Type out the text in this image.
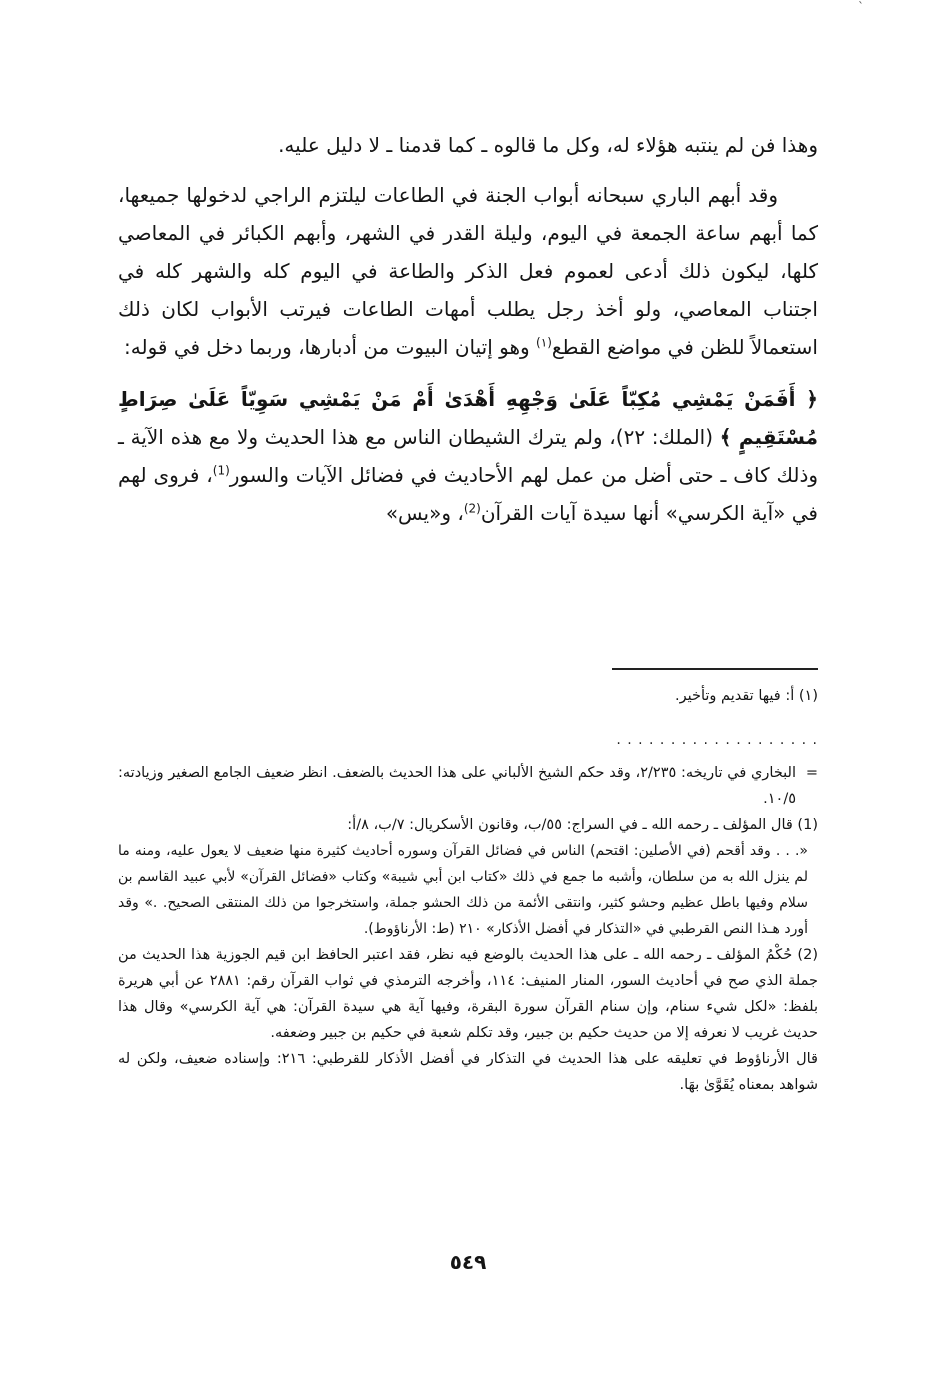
`

وهذا فن لم ينتبه هؤلاء له، وكل ما قالوه ـ كما قدمنا ـ لا دليل عليه.

وقد أبهم الباري سبحانه أبواب الجنة في الطاعات ليلتزم الراجي لدخولها جميعها، كما أبهم ساعة الجمعة في اليوم، وليلة القدر في الشهر، وأبهم الكبائر في المعاصي كلها، ليكون ذلك أدعى لعموم فعل الذكر والطاعة في اليوم كله والشهر كله في اجتناب المعاصي، ولو أخذ رجل يطلب أمهات الطاعات فيرتب الأبواب لكان ذلك استعمالاً للظن في مواضع القطع$^{(١)}$ وهو إتيان البيوت من أدبارها، وربما دخل في قوله:

﴿ أَفَمَنْ يَمْشِي مُكِبّاً عَلَىٰ وَجْهِهِ أَهْدَىٰ أَمْ مَنْ يَمْشِي سَوِيّاً عَلَىٰ صِرَاطٍ مُسْتَقِيمٍ ﴾ (الملك: ٢٢)، ولم يترك الشيطان الناس مع هذا الحديث ولا مع هذه الآية ـ وذلك كاف ـ حتى أضل من عمل لهم الأحاديث في فضائل الآيات والسور$^{(1)}$، فروى لهم في «آية الكرسي» أنها سيدة آيات القرآن$^{(2)}$، و«يس»

(١) أ: فيها تقديم وتأخير.
. . . . . . . . . . . . . . . . . . .

=
البخاري في تاريخه: ٢/٢٣٥، وقد حكم الشيخ الألباني على هذا الحديث بالضعف. انظر ضعيف الجامع الصغير وزيادته: ١٠/٥.

(1) قال المؤلف ـ رحمه الله ـ في السراج: ٥٥/ب، وقانون الأسكريال: ٧/ب، ٨/أ:

«. . . وقد أقحم (في الأصلين: اقتحم) الناس في فضائل القرآن وسوره أحاديث كثيرة منها ضعيف لا يعول عليه، ومنه ما لم ينزل الله به من سلطان، وأشبه ما جمع في ذلك «كتاب ابن أبي شيبة» وكتاب «فضائل القرآن» لأبي عبيد القاسم بن سلام وفيها باطل عظيم وحشو كثير، وانتقى الأئمة من ذلك الحشو جملة، واستخرجوا من ذلك المنتقى الصحيح. .» وقد أورد هـذا النص القرطبي في «التذكار في أفضل الأذكار» ٢١٠ (ط: الأرناؤوط).

(2) حُكْمُ المؤلف ـ رحمه الله ـ على هذا الحديث بالوضع فيه نظر، فقد اعتبر الحافظ ابن قيم الجوزية هذا الحديث من جملة الذي صح في أحاديث السور، المنار المنيف: ١١٤، وأخرجه الترمذي في ثواب القرآن رقم: ٢٨٨١ عن أبي هريرة بلفظ: «لكل شيء سنام، وإن سنام القرآن سورة البقرة، وفيها آية هي سيدة القرآن: هي آية الكرسي» وقال هذا حديث غريب لا نعرفه إلا من حديث حكيم بن جبير، وقد تكلم شعبة في حكيم بن جبير وضعفه.

قال الأرناؤوط في تعليقه على هذا الحديث في التذكار في أفضل الأذكار للقرطبي: ٢١٦: وإسناده ضعيف، ولكن له شواهد بمعناه يُقَوَّىٰ بهَا.

٥٤٩
